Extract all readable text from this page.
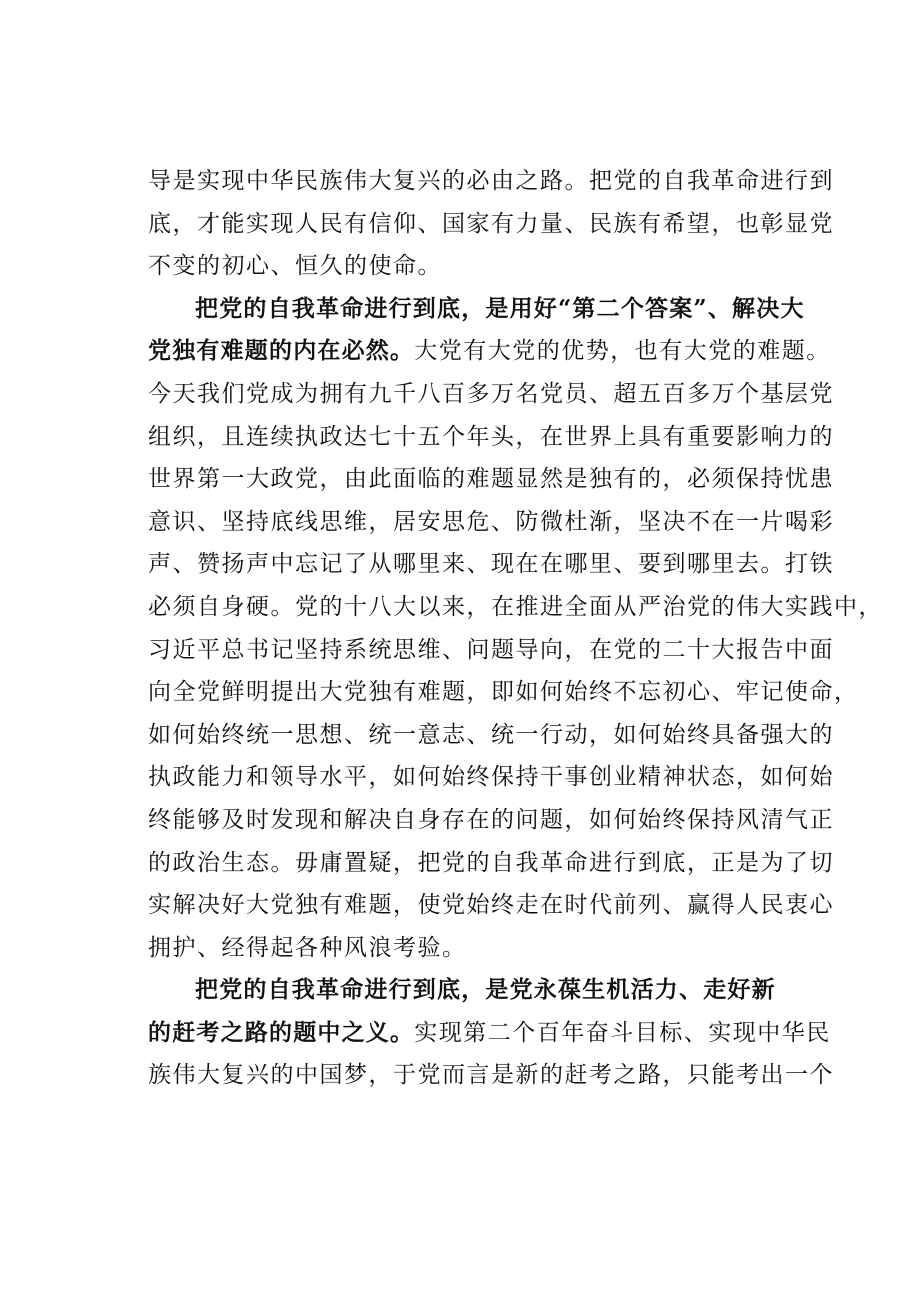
导是实现中华民族伟大复兴的必由之路。把党的自我革命进行到
底，才能实现人民有信仰、国家有力量、民族有希望，也彰显党
不变的初心、恒久的使命。
把党的自我革命进行到底，是用好“第二个答案”、解决大
党独有难题的内在必然。大党有大党的优势，也有大党的难题。
今天我们党成为拥有九千八百多万名党员、超五百多万个基层党
组织，且连续执政达七十五个年头，在世界上具有重要影响力的
世界第一大政党，由此面临的难题显然是独有的，必须保持忧患
意识、坚持底线思维，居安思危、防微杜渐，坚决不在一片喝彩
声、赞扬声中忘记了从哪里来、现在在哪里、要到哪里去。打铁
必须自身硬。党的十八大以来，在推进全面从严治党的伟大实践中，
习近平总书记坚持系统思维、问题导向，在党的二十大报告中面
向全党鲜明提出大党独有难题，即如何始终不忘初心、牢记使命，
如何始终统一思想、统一意志、统一行动，如何始终具备强大的
执政能力和领导水平，如何始终保持干事创业精神状态，如何始
终能够及时发现和解决自身存在的问题，如何始终保持风清气正
的政治生态。毋庸置疑，把党的自我革命进行到底，正是为了切
实解决好大党独有难题，使党始终走在时代前列、赢得人民衷心
拥护、经得起各种风浪考验。
把党的自我革命进行到底，是党永葆生机活力、走好新
的赶考之路的题中之义。实现第二个百年奋斗目标、实现中华民
族伟大复兴的中国梦，于党而言是新的赶考之路，只能考出一个
